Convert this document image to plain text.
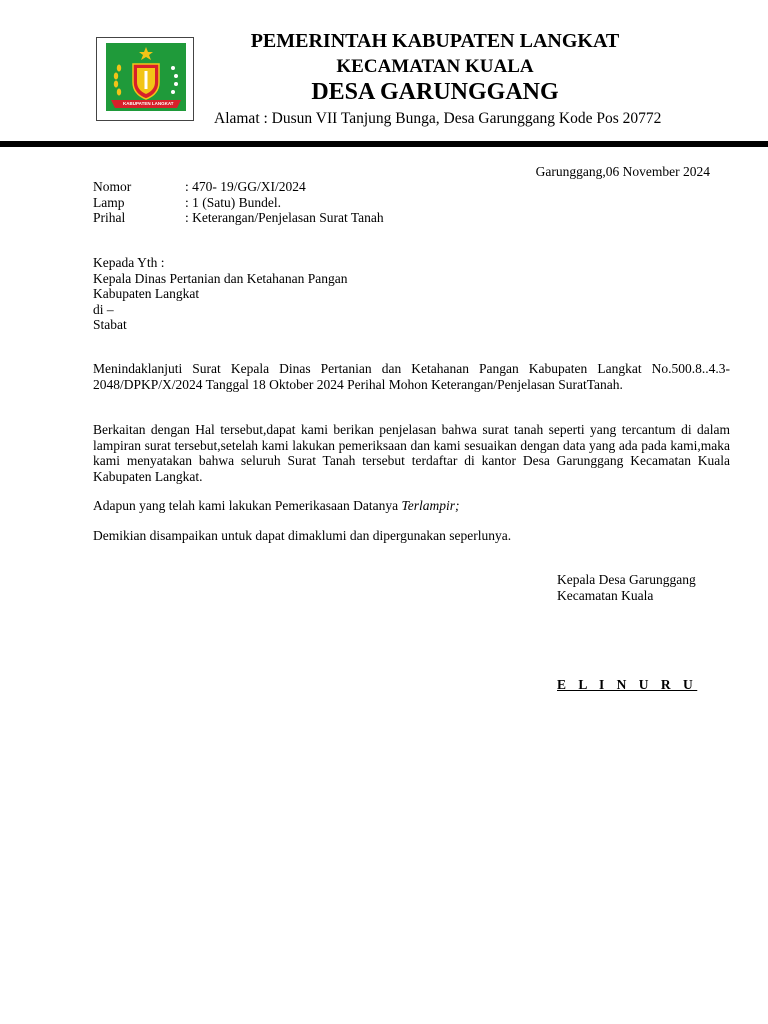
KABUPATEN LANGKAT
PEMERINTAH KABUPATEN LANGKAT
KECAMATAN KUALA
DESA GARUNGGANG
Alamat : Dusun VII Tanjung Bunga, Desa Garunggang Kode Pos 20772
Garunggang,06 November 2024
Nomor	: 470- 19/GG/XI/2024
Lamp	: 1 (Satu) Bundel.
Prihal	: Keterangan/Penjelasan Surat Tanah
Kepada Yth :
Kepala Dinas Pertanian dan Ketahanan Pangan
Kabupaten Langkat
di –
Stabat
Menindaklanjuti Surat Kepala Dinas Pertanian dan Ketahanan Pangan Kabupaten Langkat No.500.8..4.3-2048/DPKP/X/2024 Tanggal 18 Oktober 2024 Perihal Mohon Keterangan/Penjelasan SuratTanah.
Berkaitan dengan Hal tersebut,dapat kami berikan penjelasan bahwa surat tanah seperti yang tercantum di dalam lampiran surat tersebut,setelah kami lakukan pemeriksaan dan kami sesuaikan dengan data yang ada pada kami,maka kami menyatakan bahwa seluruh Surat Tanah tersebut terdaftar di kantor Desa Garunggang Kecamatan Kuala Kabupaten Langkat.
Adapun yang telah kami lakukan Pemerikasaan Datanya Terlampir;
Demikian disampaikan untuk dapat dimaklumi dan dipergunakan seperlunya.
Kepala Desa Garunggang
Kecamatan Kuala
E L I N U R U
